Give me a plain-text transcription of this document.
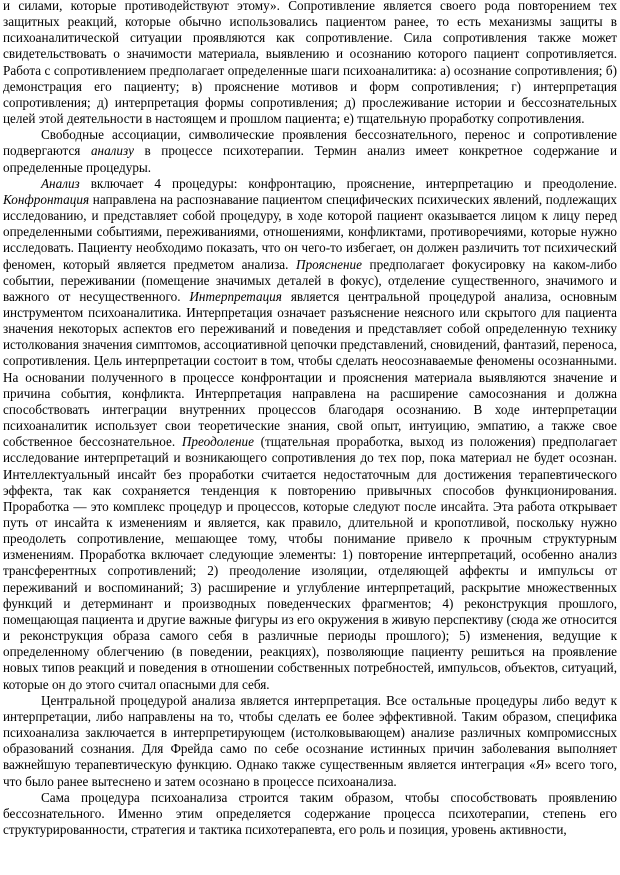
и силами, которые противодействуют этому». Сопротивление является своего рода повторением тех защитных реакций, которые обычно использовались пациентом ранее, то есть механизмы защиты в психоаналитической ситуации проявляются как сопротивление. Сила сопротивления также может свидетельствовать о значимости материала, выявлению и осознанию которого пациент сопротивляется. Работа с сопротивлением предполагает определенные шаги психоаналитика: а) осознание сопротивления; б) демонстрация его пациенту; в) прояснение мотивов и форм сопротивления; г) интерпретация сопротивления; д) интерпретация формы сопротивления; д) прослеживание истории и бессознательных целей этой деятельности в настоящем и прошлом пациента; е) тщательную проработку сопротивления.

Свободные ассоциации, символические проявления бессознательного, перенос и сопротивление подвергаются анализу в процессе психотерапии. Термин анализ имеет конкретное содержание и определенные процедуры.

Анализ включает 4 процедуры: конфронтацию, прояснение, интерпретацию и преодоление. Конфронтация направлена на распознавание пациентом специфических психических явлений, подлежащих исследованию, и представляет собой процедуру, в ходе которой пациент оказывается лицом к лицу перед определенными событиями, переживаниями, отношениями, конфликтами, противоречиями, которые нужно исследовать. Пациенту необходимо показать, что он чего-то избегает, он должен различить тот психический феномен, который является предметом анализа. Прояснение предполагает фокусировку на каком-либо событии, переживании (помещение значимых деталей в фокус), отделение существенного, значимого и важного от несущественного. Интерпретация является центральной процедурой анализа, основным инструментом психоаналитика. Интерпретация означает разъяснение неясного или скрытого для пациента значения некоторых аспектов его переживаний и поведения и представляет собой определенную технику истолкования значения симптомов, ассоциативной цепочки представлений, сновидений, фантазий, переноса, сопротивления. Цель интерпретации состоит в том, чтобы сделать неосознаваемые феномены осознанными. На основании полученного в процессе конфронтации и прояснения материала выявляются значение и причина события, конфликта. Интерпретация направлена на расширение самосознания и должна способствовать интеграции внутренних процессов благодаря осознанию. В ходе интерпретации психоаналитик использует свои теоретические знания, свой опыт, интуицию, эмпатию, а также свое собственное бессознательное. Преодоление (тщательная проработка, выход из положения) предполагает исследование интерпретаций и возникающего сопротивления до тех пор, пока материал не будет осознан. Интеллектуальный инсайт без проработки считается недостаточным для достижения терапевтического эффекта, так как сохраняется тенденция к повторению привычных способов функционирования. Проработка — это комплекс процедур и процессов, которые следуют после инсайта. Эта работа открывает путь от инсайта к изменениям и является, как правило, длительной и кропотливой, поскольку нужно преодолеть сопротивление, мешающее тому, чтобы понимание привело к прочным структурным изменениям. Проработка включает следующие элементы: 1) повторение интерпретаций, особенно анализ трансферентных сопротивлений; 2) преодоление изоляции, отделяющей аффекты и импульсы от переживаний и воспоминаний; 3) расширение и углубление интерпретаций, раскрытие множественных функций и детерминант и производных поведенческих фрагментов; 4) реконструкция прошлого, помещающая пациента и другие важные фигуры из его окружения в живую перспективу (сюда же относится и реконструкция образа самого себя в различные периоды прошлого); 5) изменения, ведущие к определенному облегчению (в поведении, реакциях), позволяющие пациенту решиться на проявление новых типов реакций и поведения в отношении собственных потребностей, импульсов, объектов, ситуаций, которые он до этого считал опасными для себя.

Центральной процедурой анализа является интерпретация. Все остальные процедуры либо ведут к интерпретации, либо направлены на то, чтобы сделать ее более эффективной. Таким образом, специфика психоанализа заключается в интерпретирующем (истолковывающем) анализе различных компромиссных образований сознания. Для Фрейда само по себе осознание истинных причин заболевания выполняет важнейшую терапевтическую функцию. Однако также существенным является интеграция «Я» всего того, что было ранее вытеснено и затем осознано в процессе психоанализа.

Сама процедура психоанализа строится таким образом, чтобы способствовать проявлению бессознательного. Именно этим определяется содержание процесса психотерапии, степень его структурированности, стратегия и тактика психотерапевта, его роль и позиция, уровень активности,
